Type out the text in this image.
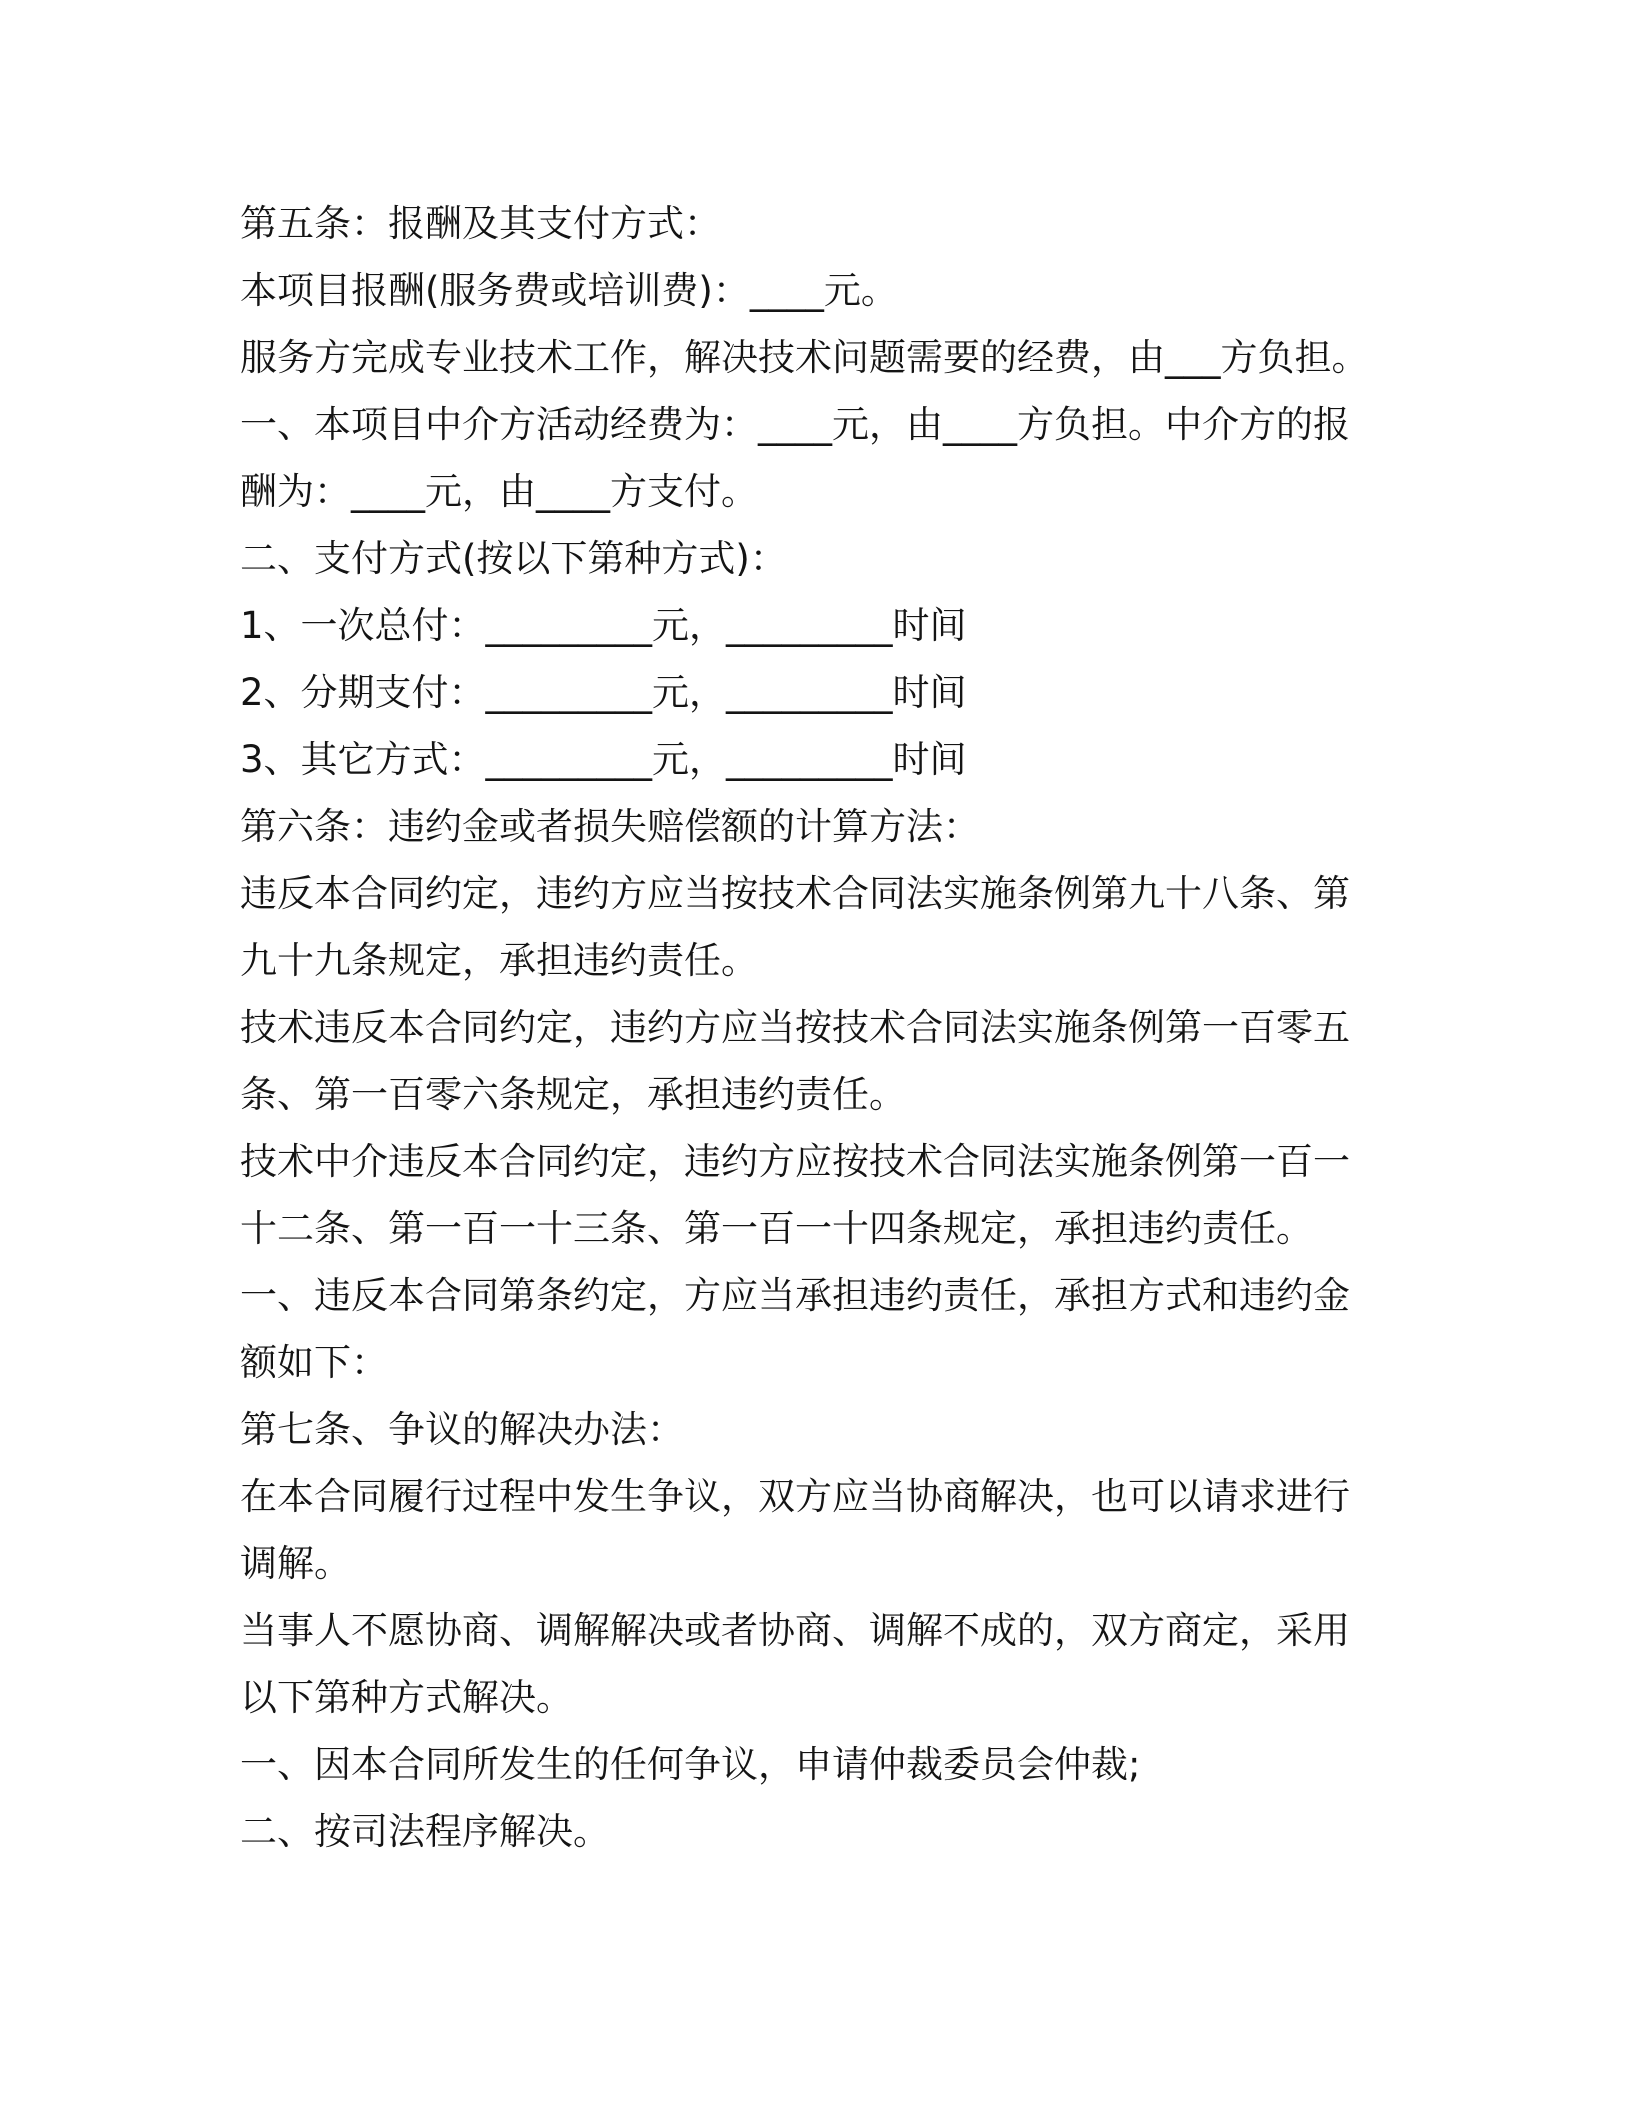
第五条：报酬及其支付方式：

本项目报酬(服务费或培训费)：____元。

服务方完成专业技术工作，解决技术问题需要的经费，由___方负担。

一、本项目中介方活动经费为：____元，由____方负担。中介方的报

酬为：____元，由____方支付。

二、支付方式(按以下第种方式)：

1、一次总付：_________元，_________时间

2、分期支付：_________元，_________时间

3、其它方式：_________元，_________时间

第六条：违约金或者损失赔偿额的计算方法：

违反本合同约定，违约方应当按技术合同法实施条例第九十八条、第

九十九条规定，承担违约责任。

技术违反本合同约定，违约方应当按技术合同法实施条例第一百零五

条、第一百零六条规定，承担违约责任。

技术中介违反本合同约定，违约方应按技术合同法实施条例第一百一

十二条、第一百一十三条、第一百一十四条规定，承担违约责任。

一、违反本合同第条约定，方应当承担违约责任，承担方式和违约金

额如下：

第七条、争议的解决办法：

在本合同履行过程中发生争议，双方应当协商解决，也可以请求进行

调解。

当事人不愿协商、调解解决或者协商、调解不成的，双方商定，采用

以下第种方式解决。

一、因本合同所发生的任何争议，申请仲裁委员会仲裁;

二、按司法程序解决。
